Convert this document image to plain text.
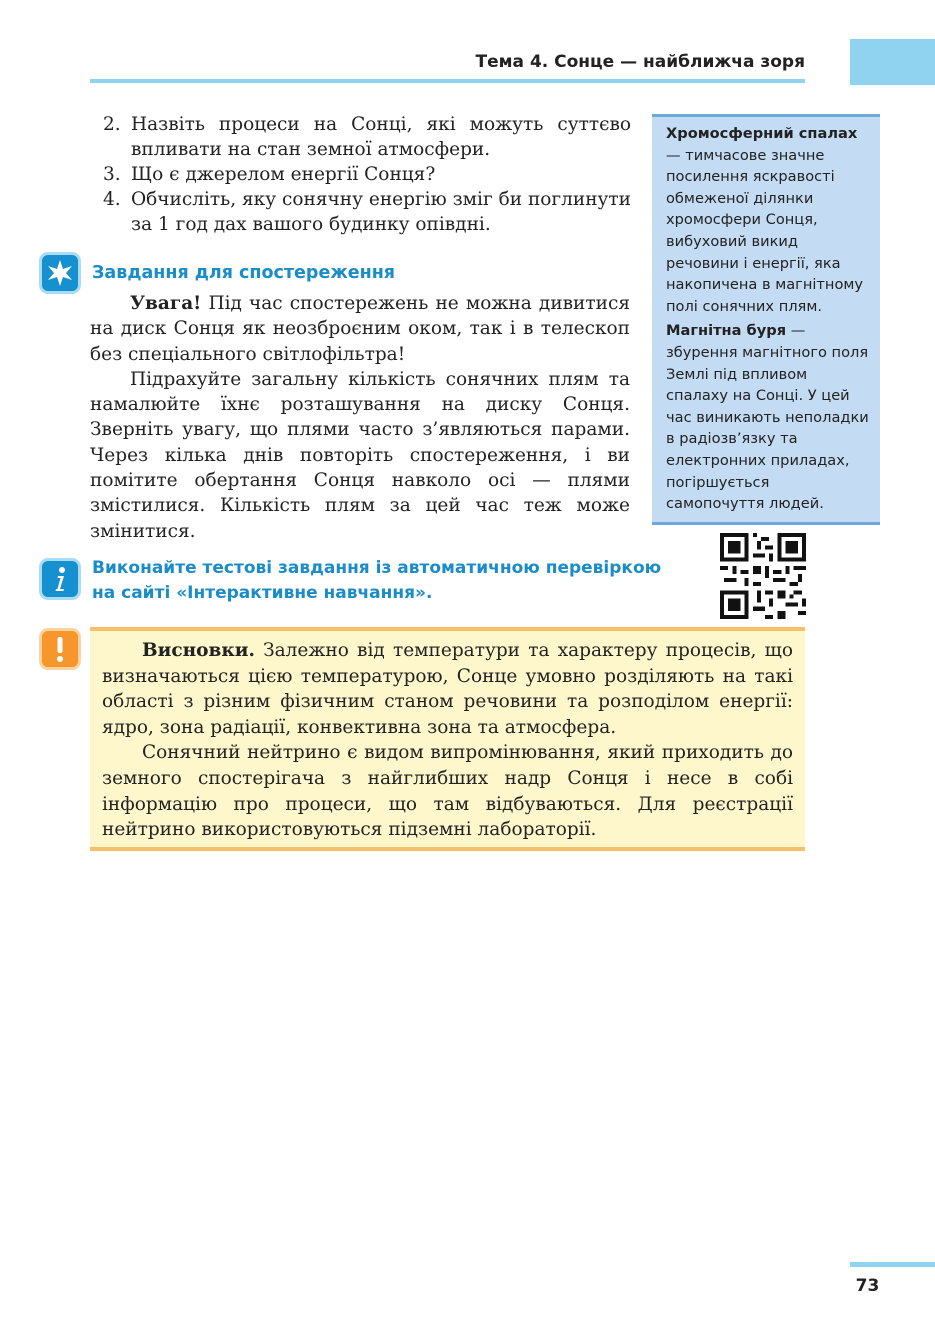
Тема 4. Сонце — найближча зоря
2. Назвіть процеси на Сонці, які можуть суттєво впливати на стан земної атмосфери.
3. Що є джерелом енергії Сонця?
4. Обчисліть, яку сонячну енергію зміг би поглинути за 1 год дах вашого будинку опівдні.
Завдання для спостереження

Увага! Під час спостережень не можна дивитися на диск Сонця як неозброєним оком, так і в телескоп без спеціального світлофільтра!

Підрахуйте загальну кількість сонячних плям та намалюйте їхнє розташування на диску Сонця. Зверніть увагу, що плями часто з’являються парами. Через кілька днів повторіть спостереження, і ви помітите обертання Сонця навколо осі — плями змістилися. Кількість плям за цей час теж може змінитися.

Виконайте тестові завдання із автоматичною перевіркою
на сайті «Інтерактивне навчання».

Хромосферний спалах — тимчасове значне посилення яскравості обмеженої ділянки хромосфери Сонця, вибуховий викид речовини і енергії, яка накопичена в магнітному полі сонячних плям.

Магнітна буря — збурення магнітного поля Землі під впливом спалаху на Сонці. У цей час виникають неполадки в радіозв’язку та електронних приладах, погіршується самопочуття людей.

Висновки. Залежно від температури та характеру процесів, що визначаються цією температурою, Сонце умовно розділяють на такі області з різним фізичним станом речовини та розподілом енергії: ядро, зона радіації, конвективна зона та атмосфера.

Сонячний нейтрино є видом випромінювання, який приходить до земного спостерігача з найглибших надр Сонця і несе в собі інформацію про процеси, що там відбуваються. Для реєстрації нейтрино використовуються підземні лабораторії.

73
